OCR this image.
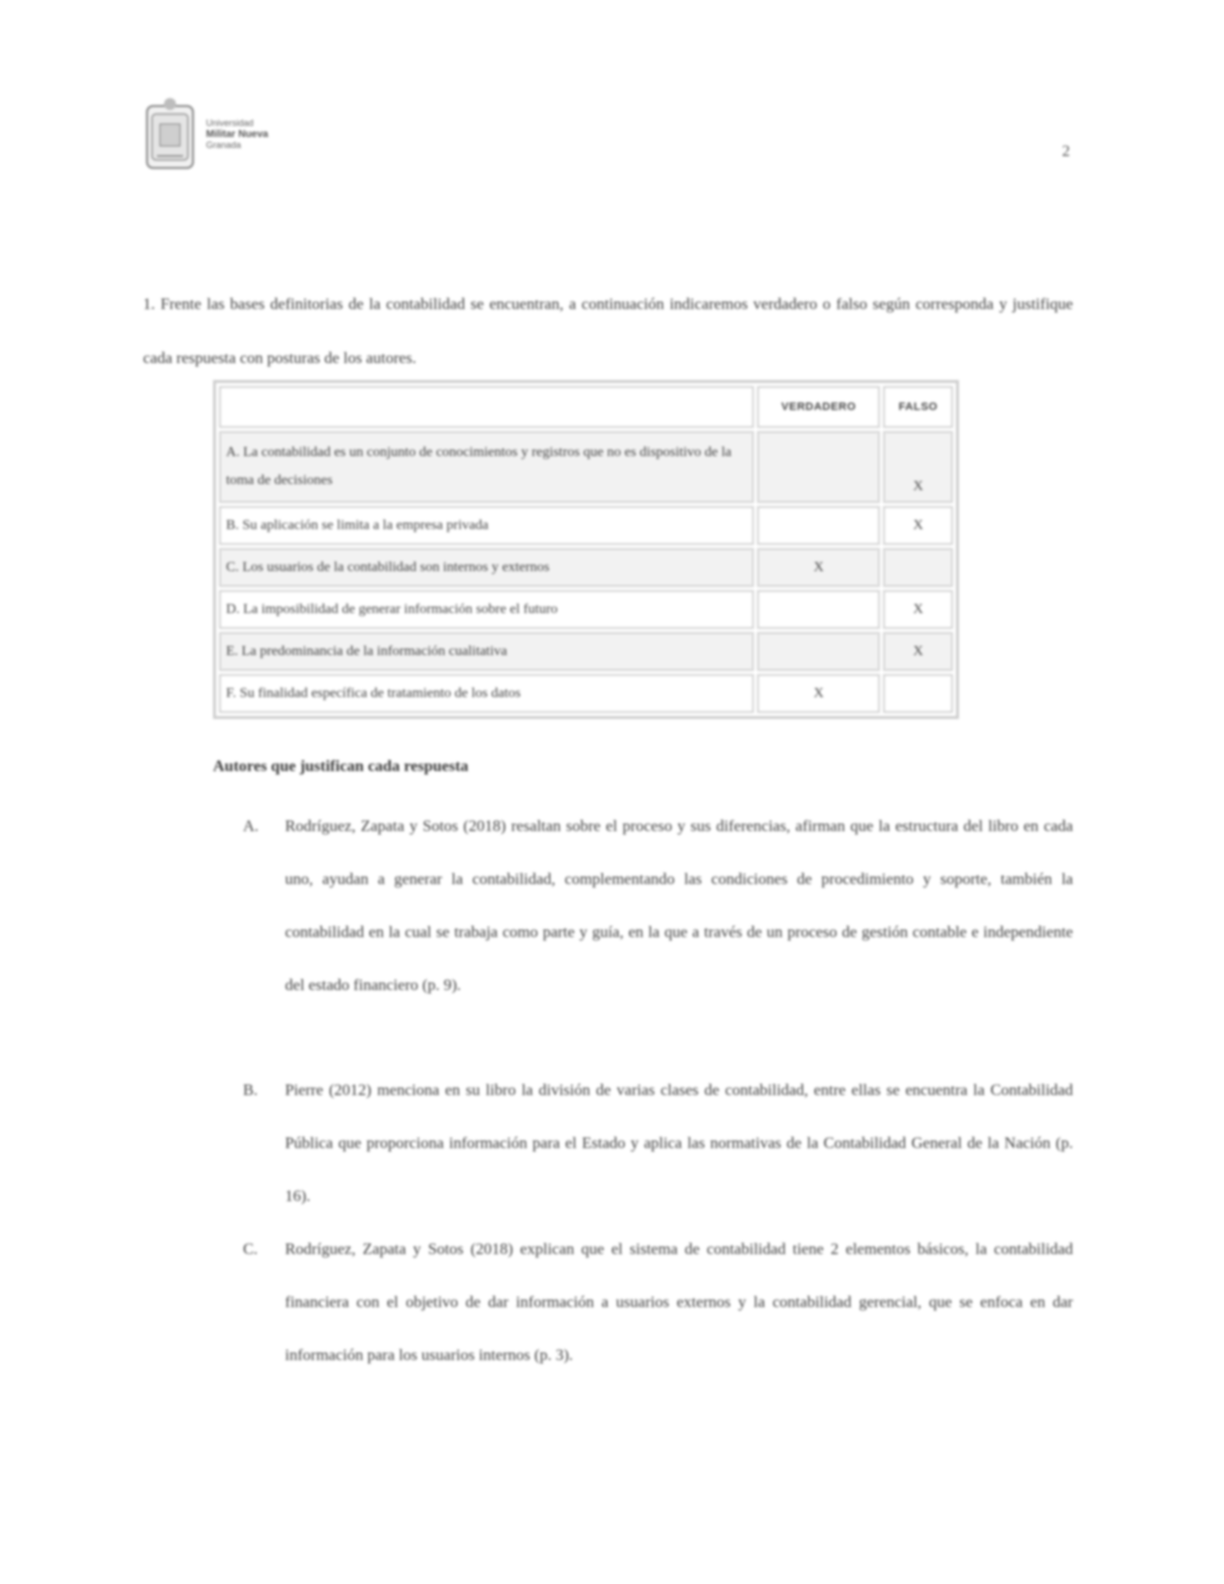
Universidad
Militar Nueva
Granada	2
1. Frente las bases definitorias de la contabilidad se encuentran, a continuación indicaremos verdadero o falso según corresponda y justifique cada respuesta con posturas de los autores.
	VERDADERO	FALSO
A. La contabilidad es un conjunto de conocimientos y registros que no es dispositivo de la toma de decisiones		X
B. Su aplicación se limita a la empresa privada		X
C. Los usuarios de la contabilidad son internos y externos	X	
D. La imposibilidad de generar información sobre el futuro		X
E. La predominancia de la información cualitativa		X
F. Su finalidad específica de tratamiento de los datos	X	
Autores que justifican cada respuesta
A.	Rodríguez, Zapata y Sotos (2018) resaltan sobre el proceso y sus diferencias, afirman que la estructura del libro en cada uno, ayudan a generar la contabilidad, complementando las condiciones de procedimiento y soporte, también la contabilidad en la cual se trabaja como parte y guía, en la que a través de un proceso de gestión contable e independiente del estado financiero (p. 9).
B.	Pierre (2012) menciona en su libro la división de varias clases de contabilidad, entre ellas se encuentra la Contabilidad Pública que proporciona información para el Estado y aplica las normativas de la Contabilidad General de la Nación (p. 16).
C.	Rodríguez, Zapata y Sotos (2018) explican que el sistema de contabilidad tiene 2 elementos básicos, la contabilidad financiera con el objetivo de dar información a usuarios externos y la contabilidad gerencial, que se enfoca en dar información para los usuarios internos (p. 3).
